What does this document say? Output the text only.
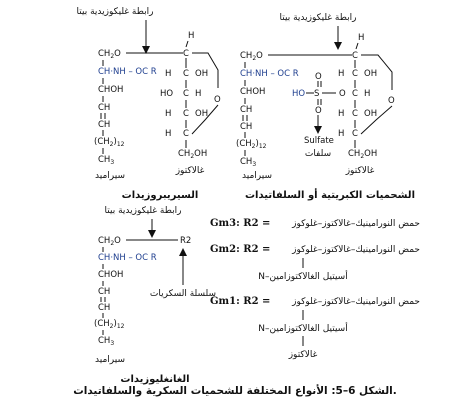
رابطة غليكوزيدية بيتا
$CH_2O$
CH·NH – OC R
CHOH
CH
CH
$(CH_2)_{12}$
$CH_3$
C
H
C
H	OH
C
HO	H
C
H	OH
C
H
O
$CH_2OH$
سيراميد	غالاكتوز
السيريبروزيدات
رابطة غليكوزيدية بيتا
$CH_2O$
CH·NH – OC R
CHOH
CH
CH
$(CH_2)_{12}$
$CH_3$
C
H
C
H OH
C
O H
C
H OH
C
H
O
$CH_2OH$
HO S
O
O
Sulfate
سلفات
سيراميد	غالاكتوز
الشحميات الكبريتية أو السلفاتيدات
رابطة غليكوزيدية بيتا
$CH_2O$	R2
CH·NH – OC R
CHOH
CH
CH
$(CH_2)_{12}$
$CH_3$
سلسلة السكريات
سيراميد
الغانغليوزيدات
Gm3: R2 = حمض النورامينيك–غالاكتوز–غلوكوز
Gm2: R2 = حمض النورامينيك–غالاكتوز–غلوكوز
N–أسيتيل الغالاكتوزامين
Gm1: R2 = حمض النورامينيك–غالاكتوز–غلوكوز
N–أسيتيل الغالاكتوزامين
غالاكتوز
الشكل 6–5: الأنواع المختلفة للشحميات السكرية والسلفاتيدات.
